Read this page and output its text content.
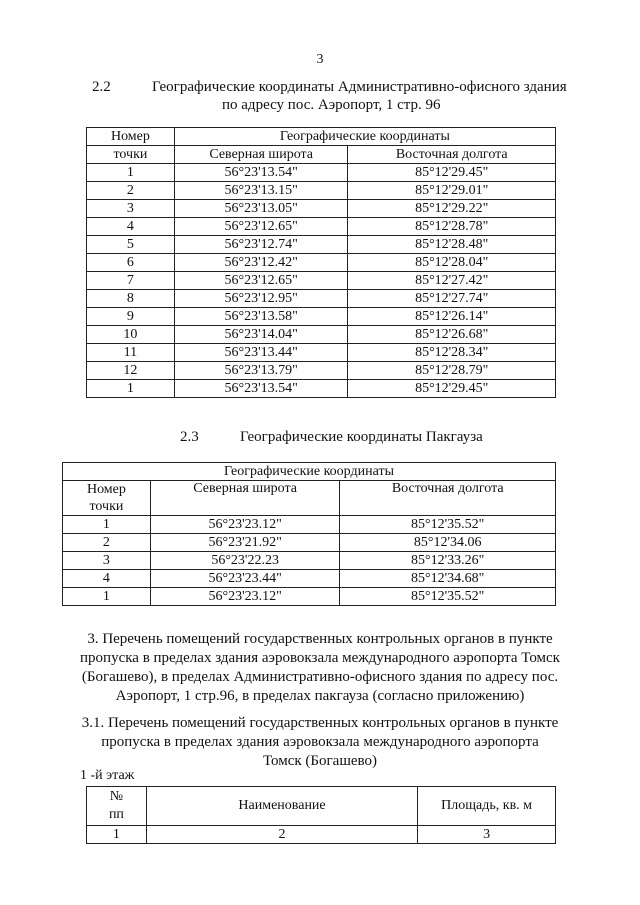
3
2.2	Географические координаты Административно-офисного здания
по адресу пос. Аэропорт, 1 стр. 96
Номер	Географические координаты	
точки	Северная широта	Восточная долгота
1	56°23'13.54"	85°12'29.45"
2	56°23'13.15"	85°12'29.01"
3	56°23'13.05"	85°12'29.22"
4	56°23'12.65"	85°12'28.78"
5	56°23'12.74"	85°12'28.48"
6	56°23'12.42"	85°12'28.04"
7	56°23'12.65"	85°12'27.42"
8	56°23'12.95"	85°12'27.74"
9	56°23'13.58"	85°12'26.14"
10	56°23'14.04"	85°12'26.68"
11	56°23'13.44"	85°12'28.34"
12	56°23'13.79"	85°12'28.79"
1	56°23'13.54"	85°12'29.45"
2.3	Географические координаты Пакгауза
Географические координаты		

Номер
точки	Северная широта	Восточная долгота
1	56°23'23.12"	85°12'35.52"
2	56°23'21.92"	85°12'34.06
3	56°23'22.23	85°12'33.26"
4	56°23'23.44"	85°12'34.68"
1	56°23'23.12"	85°12'35.52"
3. Перечень помещений государственных контрольных органов в пункте
пропуска в пределах здания аэровокзала международного аэропорта Томск
(Богашево), в пределах Административно-офисного здания по адресу пос.
Аэропорт, 1 стр.96, в пределах пакгауза (согласно приложению)
3.1. Перечень помещений государственных контрольных органов в пункте
пропуска в пределах здания аэровокзала международного аэропорта
Томск (Богашево)
1 -й этаж
№
пп	Наименование	Площадь, кв. м
1	2	3
